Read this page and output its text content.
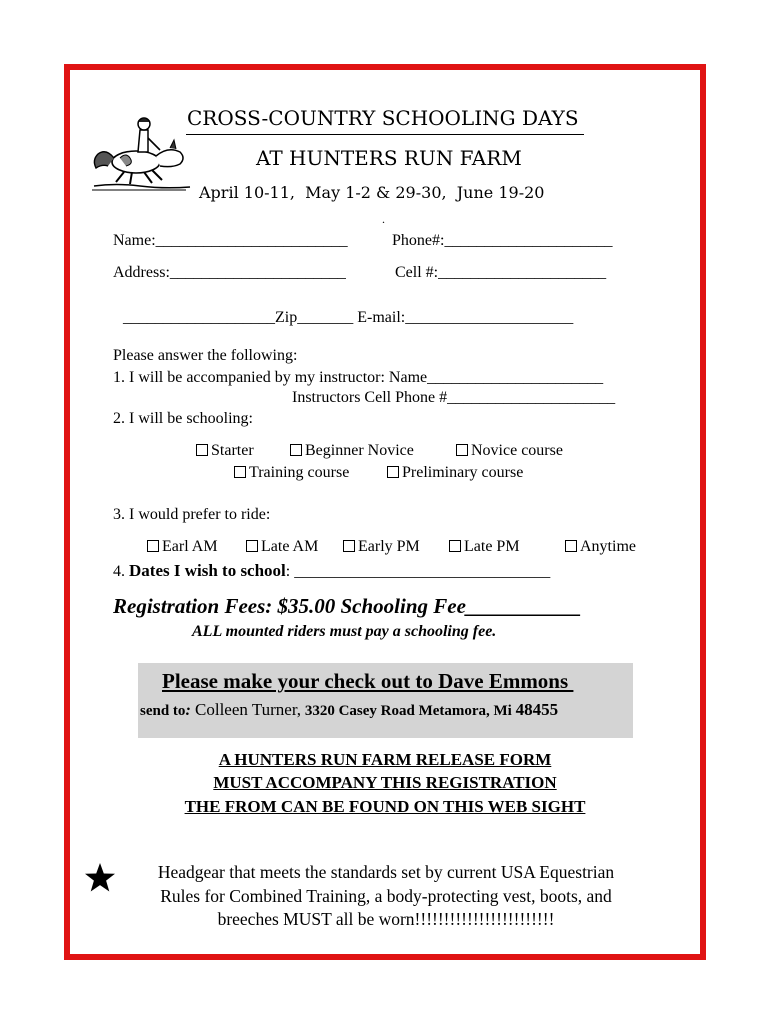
CROSS-COUNTRY SCHOOLING DAYS
AT HUNTERS RUN FARM
April 10-11,  May 1-2 & 29-30,  June 19-20
.
Name:________________________	Phone#:_____________________
Address:______________________	Cell #:_____________________
___________________Zip_______ E-mail:_____________________
Please answer the following:
1. I will be accompanied by my instructor: Name______________________
Instructors Cell Phone #_____________________
2. I will be schooling:
Starter	Beginner Novice	Novice course
Training course	Preliminary course
3. I would prefer to ride:
Earl AM	Late AM	Early PM	Late PM	Anytime
4. Dates I wish to school: ________________________________
Registration Fees: $35.00 Schooling Fee___________
ALL mounted riders must pay a schooling fee.
Please make your check out to Dave Emmons
send to: Colleen Turner, 3320 Casey Road Metamora, Mi 48455
A HUNTERS RUN FARM RELEASE FORM
MUST ACCOMPANY THIS REGISTRATION
THE FROM CAN BE FOUND ON THIS WEB SIGHT
Headgear that meets the standards set by current USA Equestrian
Rules for Combined Training, a body-protecting vest, boots, and
breeches MUST all be worn!!!!!!!!!!!!!!!!!!!!!!!!
